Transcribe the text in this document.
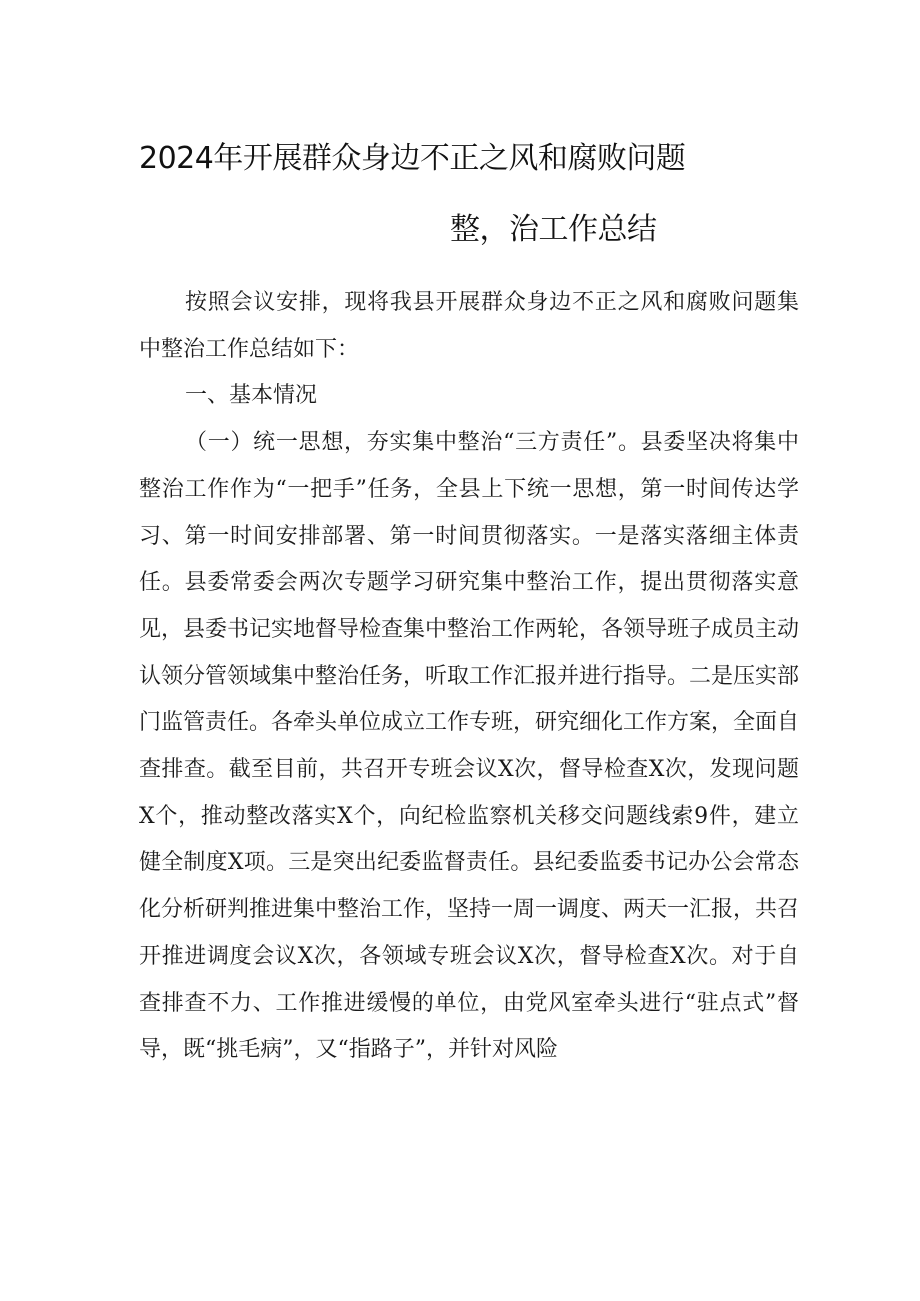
2024年开展群众身边不正之风和腐败问题
整，治工作总结

按照会议安排，现将我县开展群众身边不正之风和腐败问题集中整治工作总结如下：

一、基本情况

（一）统一思想，夯实集中整治“三方责任”。县委坚决将集中整治工作作为“一把手”任务，全县上下统一思想，第一时间传达学习、第一时间安排部署、第一时间贯彻落实。一是落实落细主体责任。县委常委会两次专题学习研究集中整治工作，提出贯彻落实意见，县委书记实地督导检查集中整治工作两轮，各领导班子成员主动认领分管领域集中整治任务，听取工作汇报并进行指导。二是压实部门监管责任。各牵头单位成立工作专班，研究细化工作方案，全面自查排查。截至目前，共召开专班会议X次，督导检查X次，发现问题X个，推动整改落实X个，向纪检监察机关移交问题线索9件，建立健全制度X项。三是突出纪委监督责任。县纪委监委书记办公会常态化分析研判推进集中整治工作，坚持一周一调度、两天一汇报，共召开推进调度会议X次，各领域专班会议X次，督导检查X次。对于自查排查不力、工作推进缓慢的单位，由党风室牵头进行“驻点式”督导，既“挑毛病”，又“指路子”，并针对风险
